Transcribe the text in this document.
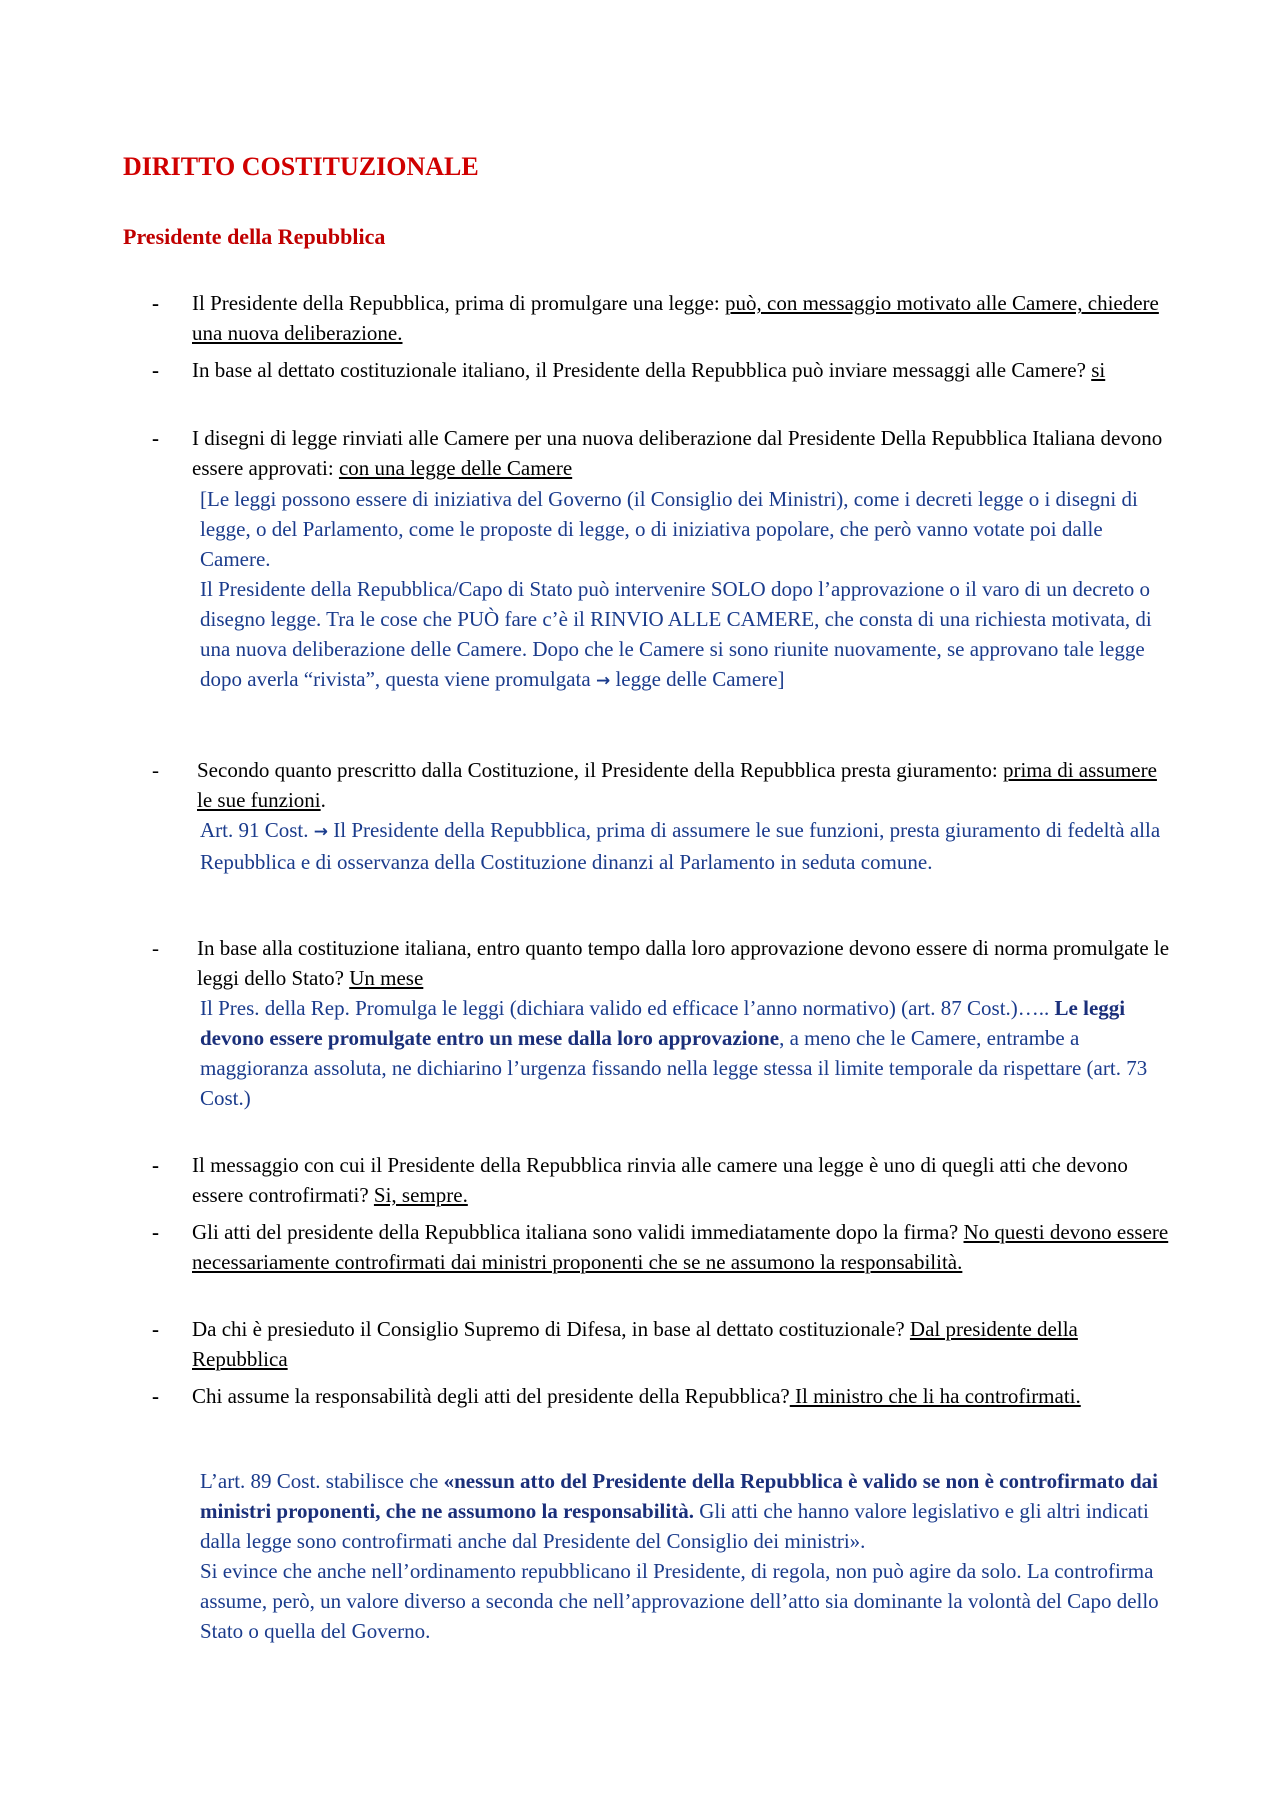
DIRITTO COSTITUZIONALE
Presidente della Repubblica
- Il Presidente della Repubblica, prima di promulgare una legge: può, con messaggio motivato alle Camere, chiedere una nuova deliberazione.
- In base al dettato costituzionale italiano, il Presidente della Repubblica può inviare messaggi alle Camere? si
- I disegni di legge rinviati alle Camere per una nuova deliberazione dal Presidente Della Repubblica Italiana devono essere approvati: con una legge delle Camere
[Le leggi possono essere di iniziativa del Governo (il Consiglio dei Ministri), come i decreti legge o i disegni di legge, o del Parlamento, come le proposte di legge, o di iniziativa popolare, che però vanno votate poi dalle Camere.
Il Presidente della Repubblica/Capo di Stato può intervenire SOLO dopo l’approvazione o il varo di un decreto o disegno legge. Tra le cose che PUÒ fare c’è il RINVIO ALLE CAMERE, che consta di una richiesta motivata, di una nuova deliberazione delle Camere. Dopo che le Camere si sono riunite nuovamente, se approvano tale legge dopo averla “rivista”, questa viene promulgata → legge delle Camere]
- Secondo quanto prescritto dalla Costituzione, il Presidente della Repubblica presta giuramento: prima di assumere le sue funzioni.
Art. 91 Cost. → Il Presidente della Repubblica, prima di assumere le sue funzioni, presta giuramento di fedeltà alla Repubblica e di osservanza della Costituzione dinanzi al Parlamento in seduta comune.
- In base alla costituzione italiana, entro quanto tempo dalla loro approvazione devono essere di norma promulgate le leggi dello Stato? Un mese
Il Pres. della Rep. Promulga le leggi (dichiara valido ed efficace l’anno normativo) (art. 87 Cost.)….. Le leggi devono essere promulgate entro un mese dalla loro approvazione, a meno che le Camere, entrambe a maggioranza assoluta, ne dichiarino l’urgenza fissando nella legge stessa il limite temporale da rispettare (art. 73 Cost.)
- Il messaggio con cui il Presidente della Repubblica rinvia alle camere una legge è uno di quegli atti che devono essere controfirmati? Si, sempre.
- Gli atti del presidente della Repubblica italiana sono validi immediatamente dopo la firma? No questi devono essere necessariamente controfirmati dai ministri proponenti che se ne assumono la responsabilità.
- Da chi è presieduto il Consiglio Supremo di Difesa, in base al dettato costituzionale? Dal presidente della Repubblica
- Chi assume la responsabilità degli atti del presidente della Repubblica? Il ministro che li ha controfirmati.
L’art. 89 Cost. stabilisce che «nessun atto del Presidente della Repubblica è valido se non è controfirmato dai ministri proponenti, che ne assumono la responsabilità. Gli atti che hanno valore legislativo e gli altri indicati dalla legge sono controfirmati anche dal Presidente del Consiglio dei ministri».
Si evince che anche nell’ordinamento repubblicano il Presidente, di regola, non può agire da solo. La controfirma assume, però, un valore diverso a seconda che nell’approvazione dell’atto sia dominante la volontà del Capo dello Stato o quella del Governo.
